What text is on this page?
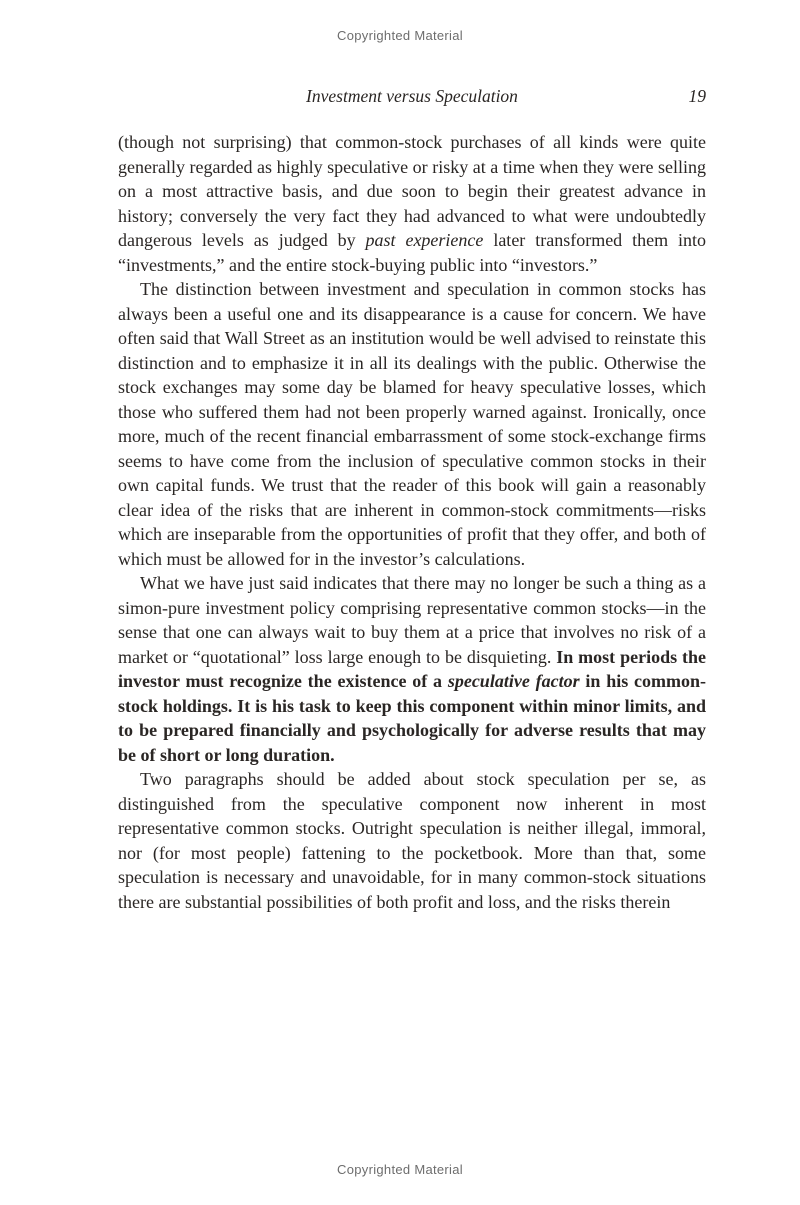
Copyrighted Material
Investment versus Speculation	19

(though not surprising) that common-stock purchases of all kinds were quite generally regarded as highly speculative or risky at a time when they were selling on a most attractive basis, and due soon to begin their greatest advance in history; conversely the very fact they had advanced to what were undoubtedly dangerous levels as judged by past experience later transformed them into “investments,” and the entire stock-buying public into “investors.”

The distinction between investment and speculation in common stocks has always been a useful one and its disappearance is a cause for concern. We have often said that Wall Street as an institution would be well advised to reinstate this distinction and to emphasize it in all its dealings with the public. Otherwise the stock exchanges may some day be blamed for heavy speculative losses, which those who suffered them had not been properly warned against. Ironically, once more, much of the recent financial embarrassment of some stock-exchange firms seems to have come from the inclusion of speculative common stocks in their own capital funds. We trust that the reader of this book will gain a reasonably clear idea of the risks that are inherent in common-stock commitments—risks which are inseparable from the opportunities of profit that they offer, and both of which must be allowed for in the investor’s calculations.

What we have just said indicates that there may no longer be such a thing as a simon-pure investment policy comprising representative common stocks—in the sense that one can always wait to buy them at a price that involves no risk of a market or “quotational” loss large enough to be disquieting. In most periods the investor must recognize the existence of a speculative factor in his common-stock holdings. It is his task to keep this component within minor limits, and to be prepared financially and psychologically for adverse results that may be of short or long duration.

Two paragraphs should be added about stock speculation per se, as distinguished from the speculative component now inherent in most representative common stocks. Outright speculation is neither illegal, immoral, nor (for most people) fattening to the pocketbook. More than that, some speculation is necessary and unavoidable, for in many common-stock situations there are substantial possibilities of both profit and loss, and the risks therein

Copyrighted Material
